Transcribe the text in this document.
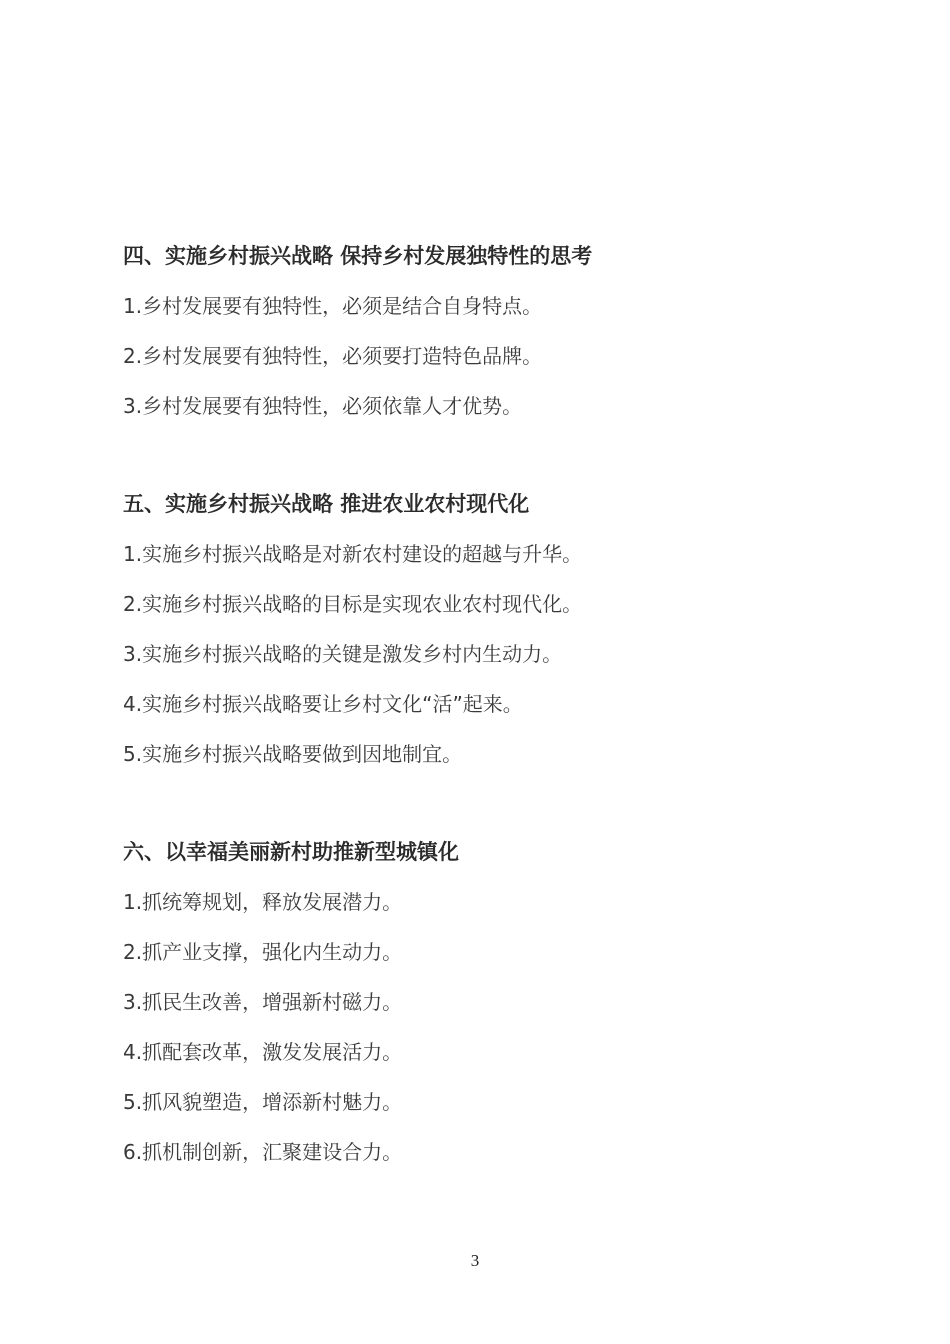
四、实施乡村振兴战略 保持乡村发展独特性的思考
1.乡村发展要有独特性，必须是结合自身特点。
2.乡村发展要有独特性，必须要打造特色品牌。
3.乡村发展要有独特性，必须依靠人才优势。
五、实施乡村振兴战略 推进农业农村现代化
1.实施乡村振兴战略是对新农村建设的超越与升华。
2.实施乡村振兴战略的目标是实现农业农村现代化。
3.实施乡村振兴战略的关键是激发乡村内生动力。
4.实施乡村振兴战略要让乡村文化“活”起来。
5.实施乡村振兴战略要做到因地制宜。
六、以幸福美丽新村助推新型城镇化
1.抓统筹规划，释放发展潜力。
2.抓产业支撑，强化内生动力。
3.抓民生改善，增强新村磁力。
4.抓配套改革，激发发展活力。
5.抓风貌塑造，增添新村魅力。
6.抓机制创新，汇聚建设合力。
3
